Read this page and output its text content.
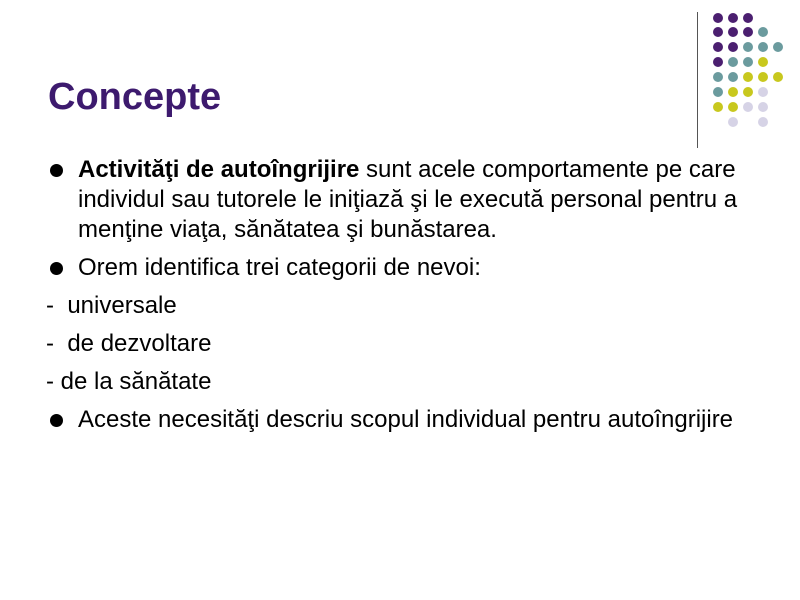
Concepte
Activităţi de autoîngrijire sunt acele comportamente pe care individul sau tutorele le iniţiază şi le execută personal pentru a menţine viaţa, sănătatea şi bunăstarea.
Orem identifica trei categorii de nevoi:
-  universale
-  de dezvoltare
- de la sănătate
Aceste necesităţi descriu scopul individual pentru autoîngrijire
